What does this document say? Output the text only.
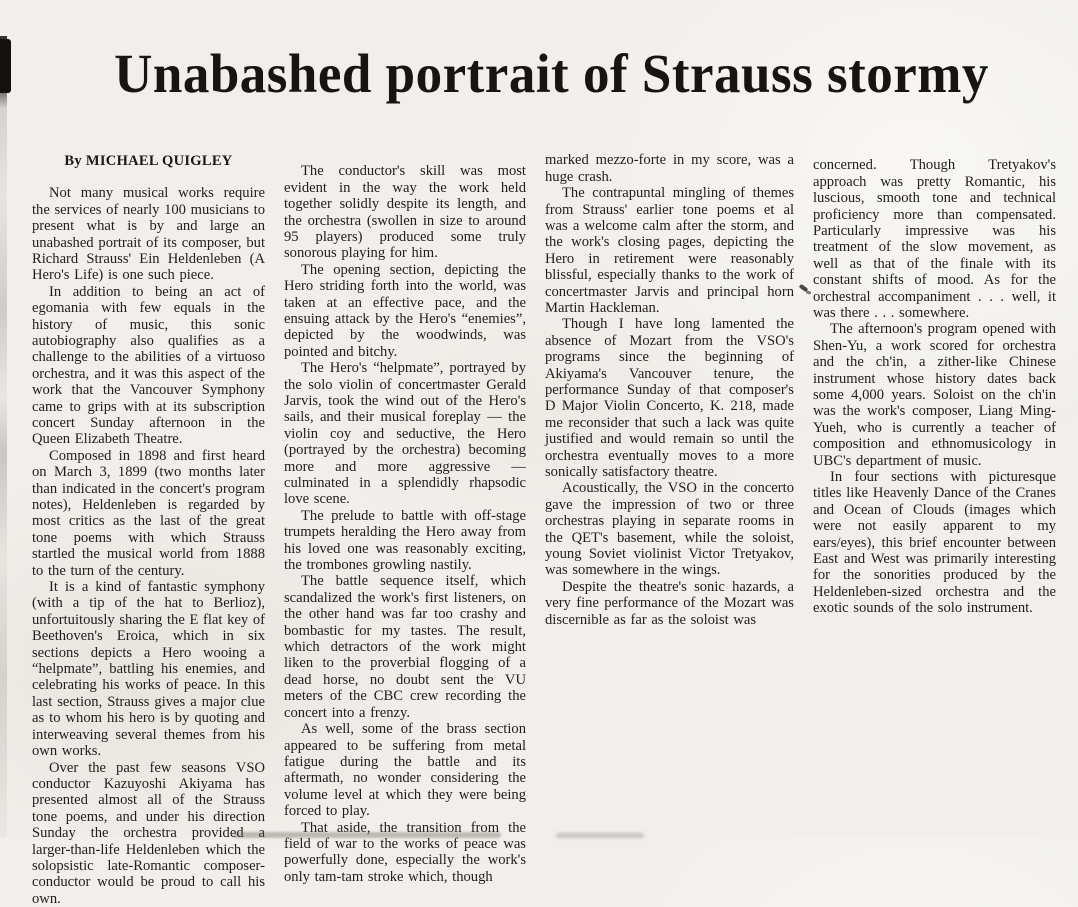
Unabashed portrait of Strauss stormy
By MICHAEL QUIGLEY

Not many musical works require the services of nearly 100 musicians to present what is by and large an unabashed portrait of its composer, but Richard Strauss' Ein Heldenleben (A Hero's Life) is one such piece.

In addition to being an act of egomania with few equals in the history of music, this sonic autobiography also qualifies as a challenge to the abilities of a virtuoso orchestra, and it was this aspect of the work that the Vancouver Symphony came to grips with at its subscription concert Sunday afternoon in the Queen Elizabeth Theatre.

Composed in 1898 and first heard on March 3, 1899 (two months later than indicated in the concert's program notes), Heldenleben is regarded by most critics as the last of the great tone poems with which Strauss startled the musical world from 1888 to the turn of the century.

It is a kind of fantastic symphony (with a tip of the hat to Berlioz), unfortuitously sharing the E flat key of Beethoven's Eroica, which in six sections depicts a Hero wooing a “helpmate”, battling his enemies, and celebrating his works of peace. In this last section, Strauss gives a major clue as to whom his hero is by quoting and interweaving several themes from his own works.

Over the past few seasons VSO conductor Kazuyoshi Akiyama has presented almost all of the Strauss tone poems, and under his direction Sunday the orchestra provided a larger-than-life Heldenleben which the solopsistic late-Romantic composer-conductor would be proud to call his own.

The conductor's skill was most evident in the way the work held together solidly despite its length, and the orchestra (swollen in size to around 95 players) produced some truly sonorous playing for him.

The opening section, depicting the Hero striding forth into the world, was taken at an effective pace, and the ensuing attack by the Hero's “enemies”, depicted by the woodwinds, was pointed and bitchy.

The Hero's “helpmate”, portrayed by the solo violin of concertmaster Gerald Jarvis, took the wind out of the Hero's sails, and their musical foreplay — the violin coy and seductive, the Hero (portrayed by the orchestra) becoming more and more aggressive — culminated in a splendidly rhapsodic love scene.

The prelude to battle with off-stage trumpets heralding the Hero away from his loved one was reasonably exciting, the trombones growling nastily.

The battle sequence itself, which scandalized the work's first listeners, on the other hand was far too crashy and bombastic for my tastes. The result, which detractors of the work might liken to the proverbial flogging of a dead horse, no doubt sent the VU meters of the CBC crew recording the concert into a frenzy.

As well, some of the brass section appeared to be suffering from metal fatigue during the battle and its aftermath, no wonder considering the volume level at which they were being forced to play.

That aside, the transition from the field of war to the works of peace was powerfully done, especially the work's only tam-tam stroke which, though

marked mezzo-forte in my score, was a huge crash.

The contrapuntal mingling of themes from Strauss' earlier tone poems et al was a welcome calm after the storm, and the work's closing pages, depicting the Hero in retirement were reasonably blissful, especially thanks to the work of concertmaster Jarvis and principal horn Martin Hackleman.

Though I have long lamented the absence of Mozart from the VSO's programs since the beginning of Akiyama's Vancouver tenure, the performance Sunday of that composer's D Major Violin Concerto, K. 218, made me reconsider that such a lack was quite justified and would remain so until the orchestra eventually moves to a more sonically satisfactory theatre.

Acoustically, the VSO in the concerto gave the impression of two or three orchestras playing in separate rooms in the QET's basement, while the soloist, young Soviet violinist Victor Tretyakov, was somewhere in the wings.

Despite the theatre's sonic hazards, a very fine performance of the Mozart was discernible as far as the soloist was

concerned. Though Tretyakov's approach was pretty Romantic, his luscious, smooth tone and technical proficiency more than compensated. Particularly impressive was his treatment of the slow movement, as well as that of the finale with its constant shifts of mood. As for the orchestral accompaniment . . . well, it was there . . . somewhere.

The afternoon's program opened with Shen-Yu, a work scored for orchestra and the ch'in, a zither-like Chinese instrument whose history dates back some 4,000 years. Soloist on the ch'in was the work's composer, Liang Ming-Yueh, who is currently a teacher of composition and ethnomusicology in UBC's department of music.

In four sections with picturesque titles like Heavenly Dance of the Cranes and Ocean of Clouds (images which were not easily apparent to my ears/eyes), this brief encounter between East and West was primarily interesting for the sonorities produced by the Heldenleben-sized orchestra and the exotic sounds of the solo instrument.
